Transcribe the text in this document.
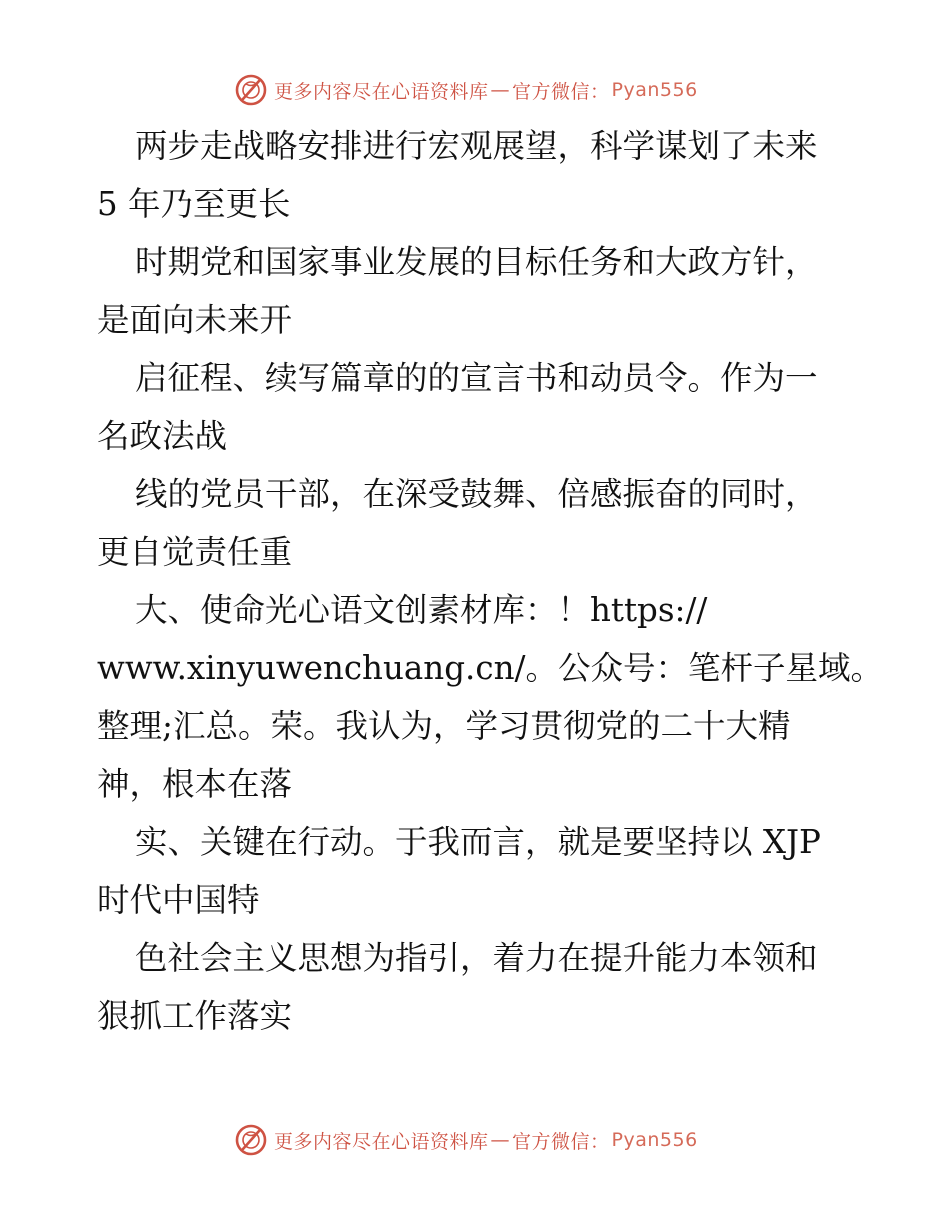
更多内容尽在心语资料库 — 官方微信： Pyan556
两步走战略安排进行宏观展望，科学谋划了未来
5 年乃至更长
时期党和国家事业发展的目标任务和大政方针，
是面向未来开
启征程、续写篇章的的宣言书和动员令。作为一
名政法战
线的党员干部，在深受鼓舞、倍感振奋的同时，
更自觉责任重
大、使命光心语文创素材库：！https://
www.xinyuwenchuang.cn/。公众号：笔杆子星域。
整理;汇总。荣。我认为，学习贯彻党的二十大精
神，根本在落
实、关键在行动。于我而言，就是要坚持以 XJP
时代中国特
色社会主义思想为指引，着力在提升能力本领和
狠抓工作落实
更多内容尽在心语资料库 — 官方微信： Pyan556
